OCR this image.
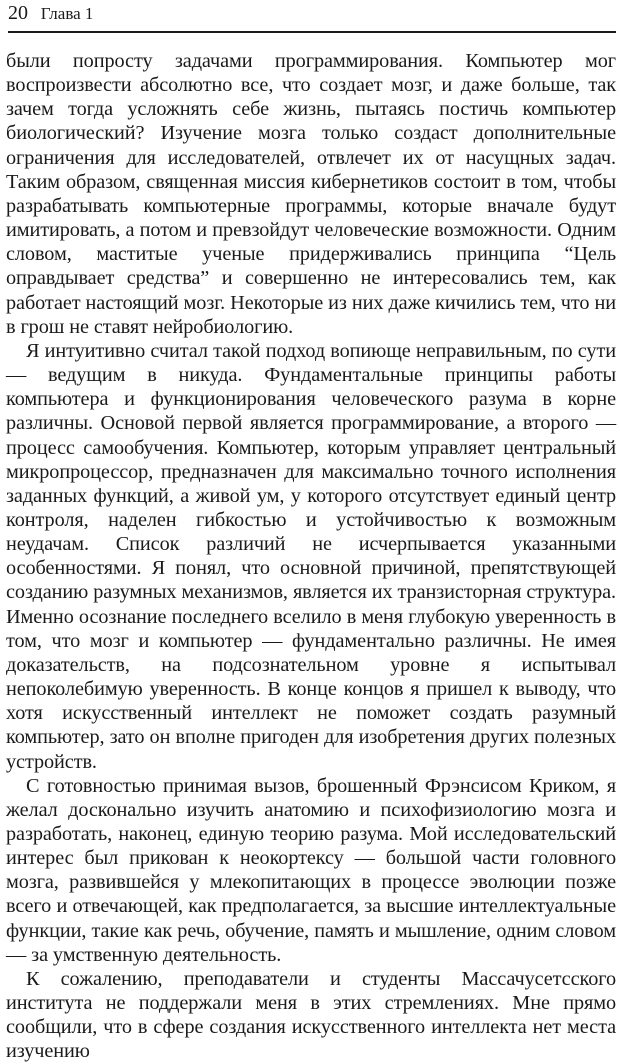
20 Глава 1

были попросту задачами программирования. Компьютер мог воспроизвести абсолютно все, что создает мозг, и даже больше, так зачем тогда усложнять себе жизнь, пытаясь постичь компьютер биологический? Изучение мозга только создаст дополнительные ограничения для исследователей, отвлечет их от насущных задач. Таким образом, священная миссия кибернетиков состоит в том, чтобы разрабатывать компьютерные программы, которые вначале будут имитировать, а потом и превзойдут человеческие возможности. Одним словом, маститые ученые придерживались принципа “Цель оправдывает средства” и совершенно не интересовались тем, как работает настоящий мозг. Некоторые из них даже кичились тем, что ни в грош не ставят нейробиологию.

Я интуитивно считал такой подход вопиюще неправильным, по сути — ведущим в никуда. Фундаментальные принципы работы компьютера и функционирования человеческого разума в корне различны. Основой первой является программирование, а второго — процесс самообучения. Компьютер, которым управляет центральный микропроцессор, предназначен для максимально точного исполнения заданных функций, а живой ум, у которого отсутствует единый центр контроля, наделен гибкостью и устойчивостью к возможным неудачам. Список различий не исчерпывается указанными особенностями. Я понял, что основной причиной, препятствующей созданию разумных механизмов, является их транзисторная структура. Именно осознание последнего вселило в меня глубокую уверенность в том, что мозг и компьютер — фундаментально различны. Не имея доказательств, на подсознательном уровне я испытывал непоколебимую уверенность. В конце концов я пришел к выводу, что хотя искусственный интеллект не поможет создать разумный компьютер, зато он вполне пригоден для изобретения других полезных устройств.

С готовностью принимая вызов, брошенный Фрэнсисом Криком, я желал досконально изучить анатомию и психофизиологию мозга и разработать, наконец, единую теорию разума. Мой исследовательский интерес был прикован к неокортексу — большой части головного мозга, развившейся у млекопитающих в процессе эволюции позже всего и отвечающей, как предполагается, за высшие интеллектуальные функции, такие как речь, обучение, память и мышление, одним словом — за умственную деятельность.

К сожалению, преподаватели и студенты Массачусетсского института не поддержали меня в этих стремлениях. Мне прямо сообщили, что в сфере создания искусственного интеллекта нет места изучению
